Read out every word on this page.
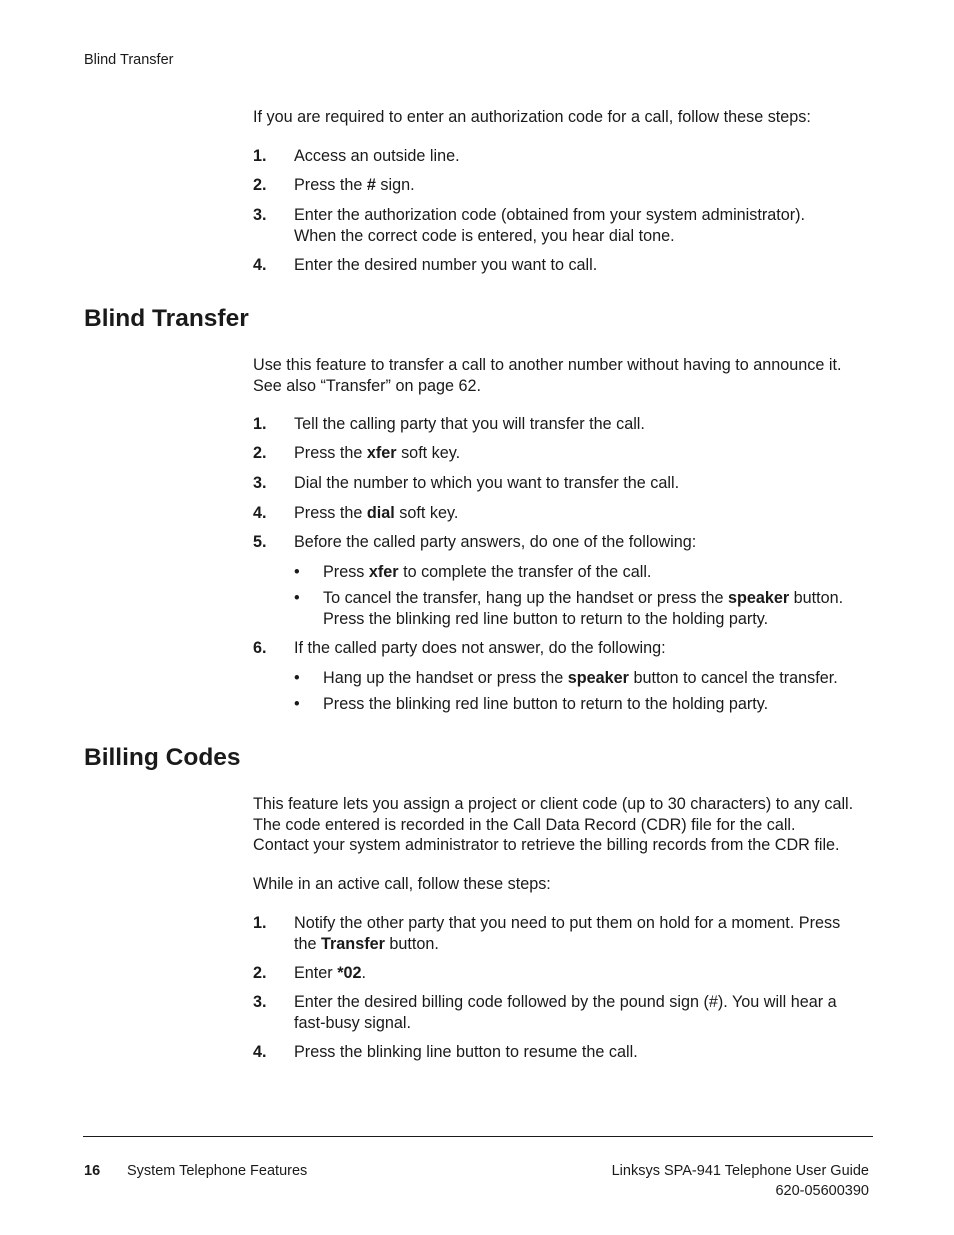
Blind Transfer
If you are required to enter an authorization code for a call, follow these steps:
1. Access an outside line.
2. Press the # sign.
3. Enter the authorization code (obtained from your system administrator).
When the correct code is entered, you hear dial tone.
4. Enter the desired number you want to call.
Blind Transfer
Use this feature to transfer a call to another number without having to announce it.
See also “Transfer” on page 62.
1. Tell the calling party that you will transfer the call.
2. Press the xfer soft key.
3. Dial the number to which you want to transfer the call.
4. Press the dial soft key.
5. Before the called party answers, do one of the following:
• Press xfer to complete the transfer of the call.
• To cancel the transfer, hang up the handset or press the speaker button.
Press the blinking red line button to return to the holding party.
6. If the called party does not answer, do the following:
• Hang up the handset or press the speaker button to cancel the transfer.
• Press the blinking red line button to return to the holding party.
Billing Codes
This feature lets you assign a project or client code (up to 30 characters) to any call.
The code entered is recorded in the Call Data Record (CDR) file for the call.
Contact your system administrator to retrieve the billing records from the CDR file.
While in an active call, follow these steps:
1. Notify the other party that you need to put them on hold for a moment. Press
the Transfer button.
2. Enter *02.
3. Enter the desired billing code followed by the pound sign (#). You will hear a
fast-busy signal.
4. Press the blinking line button to resume the call.
16 System Telephone Features	Linksys SPA-941 Telephone User Guide
620-05600390
